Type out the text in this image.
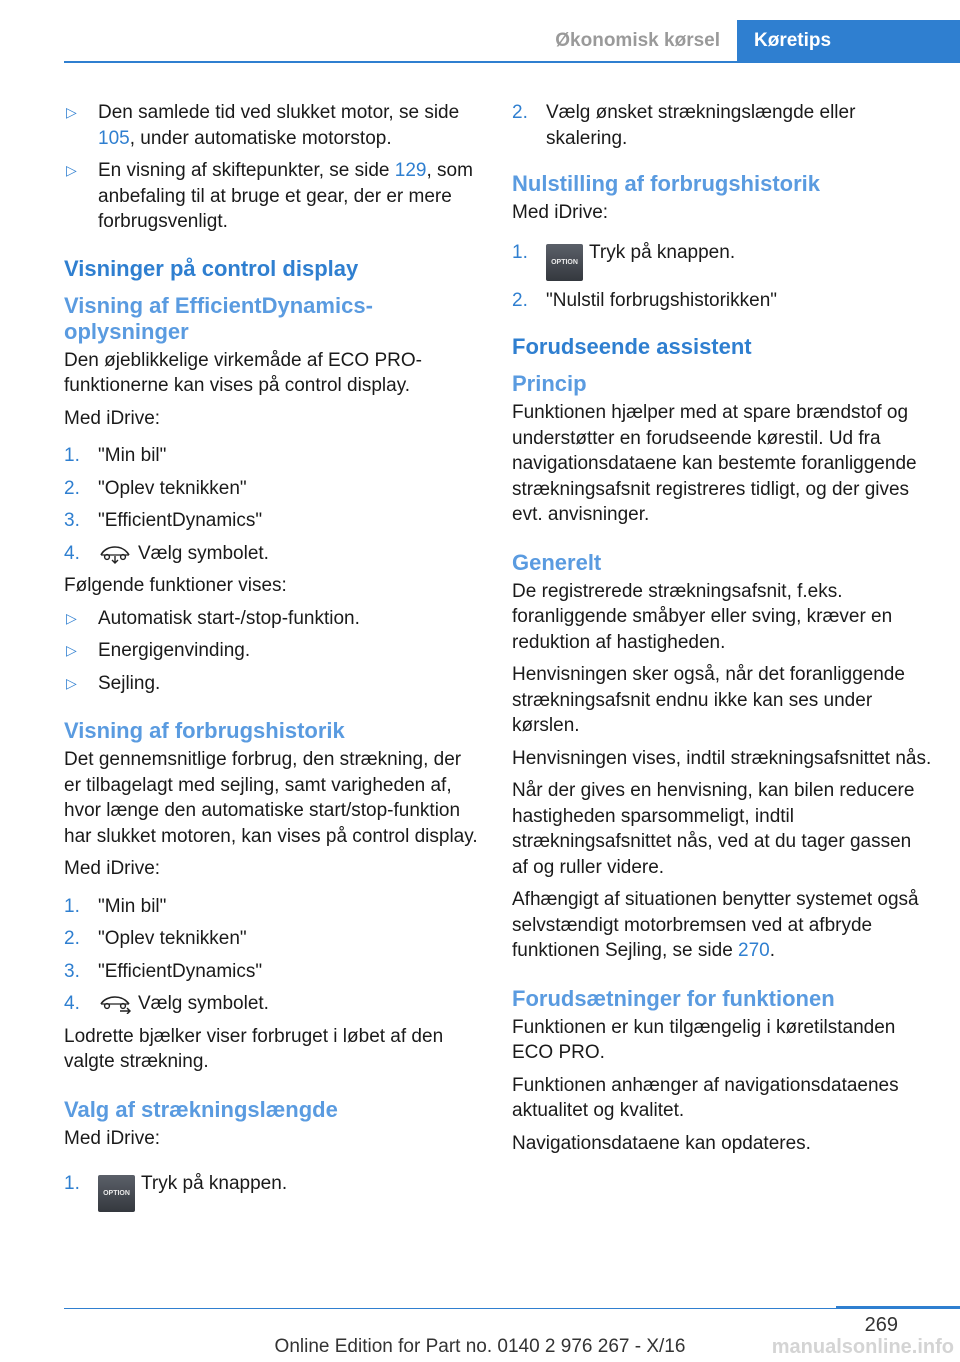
Økonomisk kørsel	Køretips
▷ Den samlede tid ved slukket motor, se side 105, under automatiske motorstop.
▷ En visning af skiftepunkter, se side 129, som anbefaling til at bruge et gear, der er mere forbrugsvenligt.
Visninger på control display
Visning af EfficientDynamics-oplysninger

Den øjeblikkelige virkemåde af ECO PRO-funktionerne kan vises på control display.

Med iDrive:

1. "Min bil"
2. "Oplev teknikken"
3. "EfficientDynamics"
4.	Vælg symbolet.

Følgende funktioner vises:

▷ Automatisk start-/stop-funktion.
▷ Energigenvinding.
▷ Sejling.
Visning af forbrugshistorik

Det gennemsnitlige forbrug, den strækning, der er tilbagelagt med sejling, samt varigheden af, hvor længe den automatiske start/stop-funktion har slukket motoren, kan vises på control display.

Med iDrive:

1. "Min bil"
2. "Oplev teknikken"
3. "EfficientDynamics"
4.	Vælg symbolet.

Lodrette bjælker viser forbruget i løbet af den valgte strækning.

Valg af strækningslængde

Med iDrive:

1.	OPTION Tryk på knappen.
2. Vælg ønsket strækningslængde eller skalering.
Nulstilling af forbrugshistorik

Med iDrive:

1.	OPTION Tryk på knappen.
2. "Nulstil forbrugshistorikken"
Forudseende assistent
Princip

Funktionen hjælper med at spare brændstof og understøtter en forudseende kørestil. Ud fra navigationsdataene kan bestemte foranliggende strækningsafsnit registreres tidligt, og der gives evt. anvisninger.

Generelt

De registrerede strækningsafsnit, f.eks. foranliggende småbyer eller sving, kræver en reduktion af hastigheden.

Henvisningen sker også, når det foranliggende strækningsafsnit endnu ikke kan ses under kørslen.

Henvisningen vises, indtil strækningsafsnittet nås.

Når der gives en henvisning, kan bilen reducere hastigheden sparsommeligt, indtil strækningsafsnittet nås, ved at du tager gassen af og ruller videre.

Afhængigt af situationen benytter systemet også selvstændigt motorbremsen ved at afbryde funktionen Sejling, se side 270.

Forudsætninger for funktionen

Funktionen er kun tilgængelig i køretilstanden ECO PRO.

Funktionen anhænger af navigationsdataenes aktualitet og kvalitet.

Navigationsdataene kan opdateres.

269
Online Edition for Part no. 0140 2 976 267 - X/16	manualsonline.info
